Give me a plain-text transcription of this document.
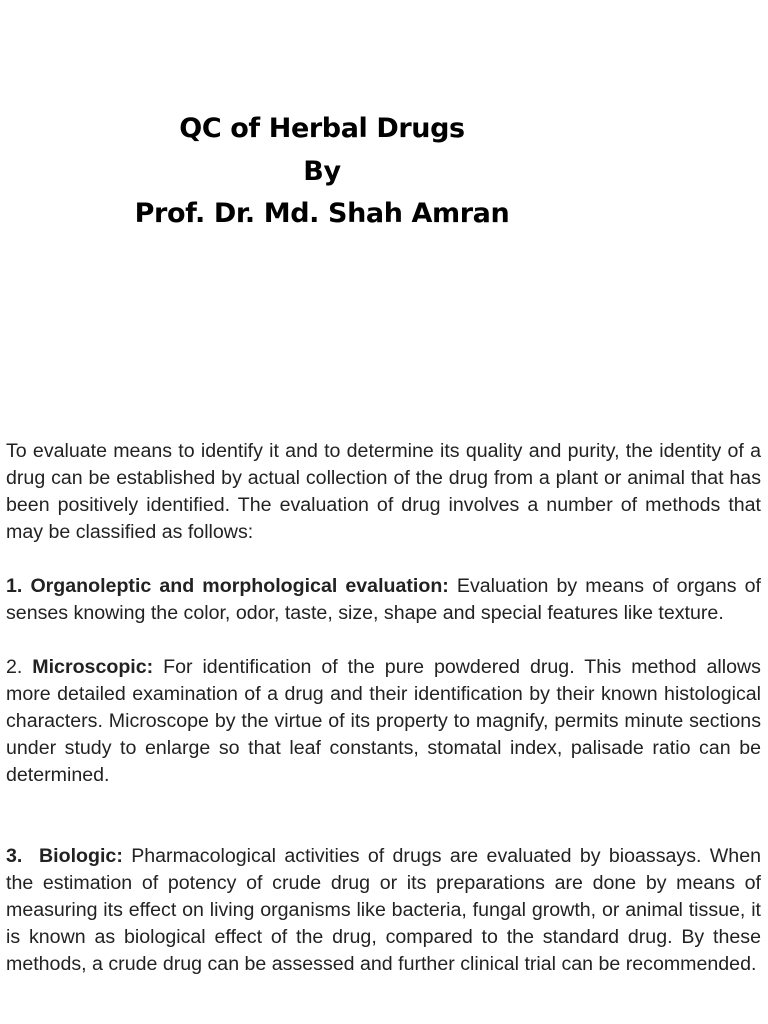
QC of Herbal Drugs
By
Prof. Dr. Md. Shah Amran

To evaluate means to identify it and to determine its quality and purity, the identity of a drug can be established by actual collection of the drug from a plant or animal that has been positively identified. The evaluation of drug involves a number of methods that may be classified as follows:

1. Organoleptic and morphological evaluation: Evaluation by means of organs of senses knowing the color, odor, taste, size, shape and special features like texture.

2. Microscopic: For identification of the pure powdered drug. This method allows more detailed examination of a drug and their identification by their known histological characters. Microscope by the virtue of its property to magnify, permits minute sections under study to enlarge so that leaf constants, stomatal index, palisade ratio can be determined.

3. Biologic: Pharmacological activities of drugs are evaluated by bioassays. When the estimation of potency of crude drug or its preparations are done by means of measuring its effect on living organisms like bacteria, fungal growth, or animal tissue, it is known as biological effect of the drug, compared to the standard drug. By these methods, a crude drug can be assessed and further clinical trial can be recommended.
